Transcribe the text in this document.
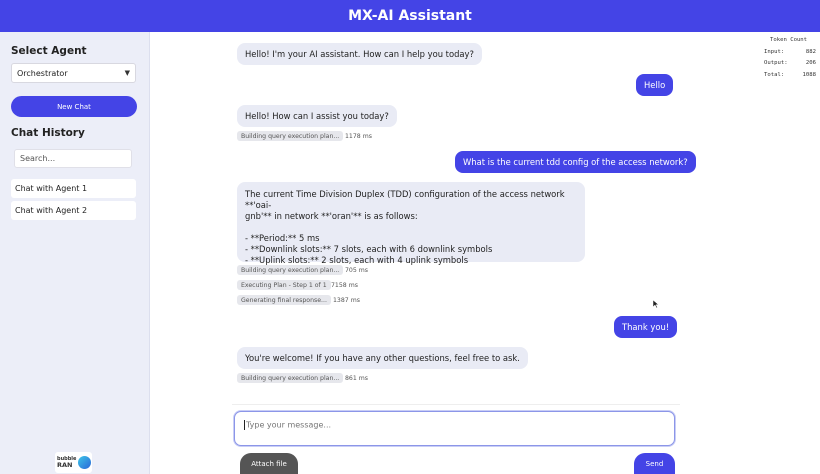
MX-AI Assistant
Select Agent
Orchestrator	▼
New Chat
Chat History
Search...
Chat with Agent 1
Chat with Agent 2
bubble
RAN
Token Count
Input:	882
Output:	206
Total:	1088
Hello! I'm your AI assistant. How can I help you today?
Hello
Hello! How can I assist you today?
Building query execution plan... 1178 ms
What is the current tdd config of the access network?
The current Time Division Duplex (TDD) configuration of the access network **'oai-
gnb'** in network **'oran'** is as follows:
- **Period:** 5 ms
- **Downlink slots:** 7 slots, each with 6 downlink symbols
- **Uplink slots:** 2 slots, each with 4 uplink symbols
Building query execution plan... 705 ms
Executing Plan - Step 1 of 1 7158 ms
Generating final response... 1387 ms
Thank you!
You're welcome! If you have any other questions, feel free to ask.
Building query execution plan... 861 ms
Type your message...
Attach file	Send
